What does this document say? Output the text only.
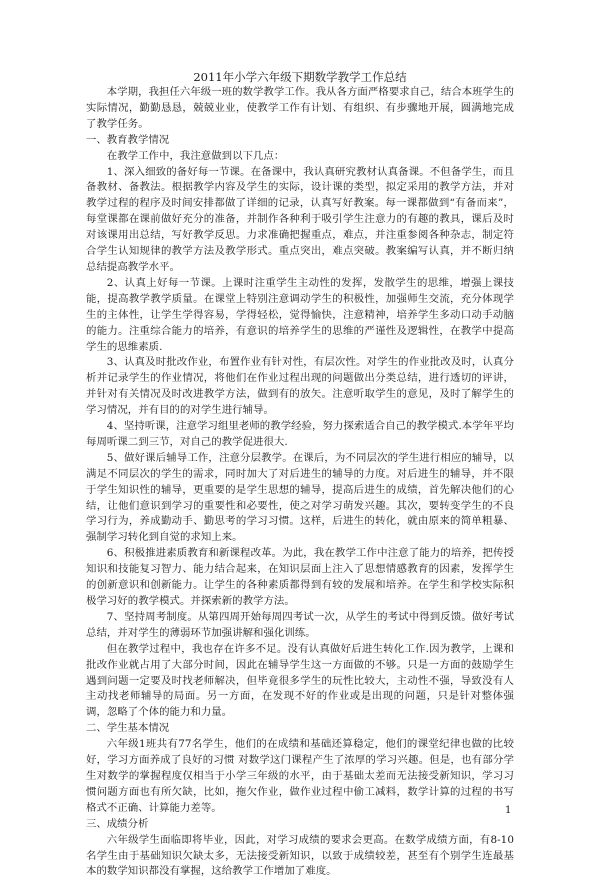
2011年小学六年级下期数学教学工作总结

本学期，我担任六年级一班的数学教学工作。我从各方面严格要求自己，结合本班学生的实际情况，勤勤恳恳，兢兢业业，使教学工作有计划、有组织、有步骤地开展，圆满地完成了教学任务。

一、教育教学情况

在教学工作中，我注意做到以下几点：

1、深入细致的备好每一节课。在备课中，我认真研究教材认真备课。不但备学生，而且备教材、备教法。根据教学内容及学生的实际，设计课的类型，拟定采用的教学方法，并对教学过程的程序及时间安排都做了详细的记录，认真写好教案。每一课都做到“有备而来”，每堂课都在课前做好充分的准备，并制作各种利于吸引学生注意力的有趣的教具，课后及时对该课用出总结，写好教学反思。力求准确把握重点，难点，并注重参阅各种杂志，制定符合学生认知规律的教学方法及教学形式。重点突出，难点突破。教案编写认真，并不断归纳总结提高教学水平。

2、认真上好每一节课。上课时注重学生主动性的发挥，发散学生的思维，增强上课技能，提高教学教学质量。在课堂上特别注意调动学生的积极性，加强师生交流，充分体现学生的主体性，让学生学得容易，学得轻松，觉得愉快，注意精神，培养学生多动口动手动脑的能力。注重综合能力的培养，有意识的培养学生的思维的严谨性及逻辑性，在教学中提高学生的思维素质.

3、认真及时批改作业，布置作业有针对性，有层次性。对学生的作业批改及时，认真分析并记录学生的作业情况，将他们在作业过程出现的问题做出分类总结，进行透切的评讲，并针对有关情况及时改进教学方法，做到有的放矢。注意听取学生的意见，及时了解学生的学习情况，并有目的的对学生进行辅导。

4、坚持听课，注意学习组里老师的教学经验，努力探索适合自己的教学模式.本学年平均每周听课二到三节，对自己的教学促进很大.

5、做好课后辅导工作，注意分层教学。在课后，为不同层次的学生进行相应的辅导，以满足不同层次的学生的需求，同时加大了对后进生的辅导的力度。对后进生的辅导，并不限于学生知识性的辅导，更重要的是学生思想的辅导，提高后进生的成绩，首先解决他们的心结，让他们意识到学习的重要性和必要性，使之对学习萌发兴趣。其次，要转变学生的不良学习行为，养成勤动手、勤思考的学习习惯。这样，后进生的转化，就由原来的简单粗暴、强制学习转化到自觉的求知上来。

6、积极推进素质教育和新课程改革。为此，我在教学工作中注意了能力的培养，把传授知识和技能复习智力、能力结合起来，在知识层面上注入了思想情感教育的因素，发挥学生的创新意识和创新能力。让学生的各种素质都得到有较的发展和培养。在学生和学校实际积极学习好的教学模式。并探索新的教学方法。

7、坚持周考制度。从第四周开始每周四考试一次，从学生的考试中得到反馈。做好考试总结，并对学生的薄弱环节加强讲解和强化训练。

但在教学过程中，我也存在许多不足。没有认真做好后进生转化工作.因为教学，上课和批改作业就占用了大部分时间，因此在辅导学生这一方面做的不够。只是一方面的鼓励学生遇到问题一定要及时找老师解决，但毕竟很多学生的玩性比较大，主动性不强，导致没有人主动找老师辅导的局面。另一方面，在发现不好的作业或是出现的问题，只是针对整体强调，忽略了个体的能力和力量。

二、学生基本情况

六年级1班共有77名学生，他们的在成绩和基础还算稳定，他们的课堂纪律也做的比较好，学习方面养成了良好的习惯 对数学这门课程产生了浓厚的学习兴趣。但是，也有部分学生对数学的掌握程度仅相当于小学三年级的水平，由于基础太差而无法接受新知识，学习习惯问题方面也有所欠缺，比如，拖欠作业，做作业过程中偷工减料，数学计算的过程的书写格式不正确、计算能力差等。

三、成绩分析

六年级学生面临即将毕业，因此，对学习成绩的要求会更高。在数学成绩方面，有8-10名学生由于基础知识欠缺太多，无法接受新知识，以致于成绩较差，甚至有个别学生连最基本的数学知识都没有掌握，这给教学工作增加了难度。

1
